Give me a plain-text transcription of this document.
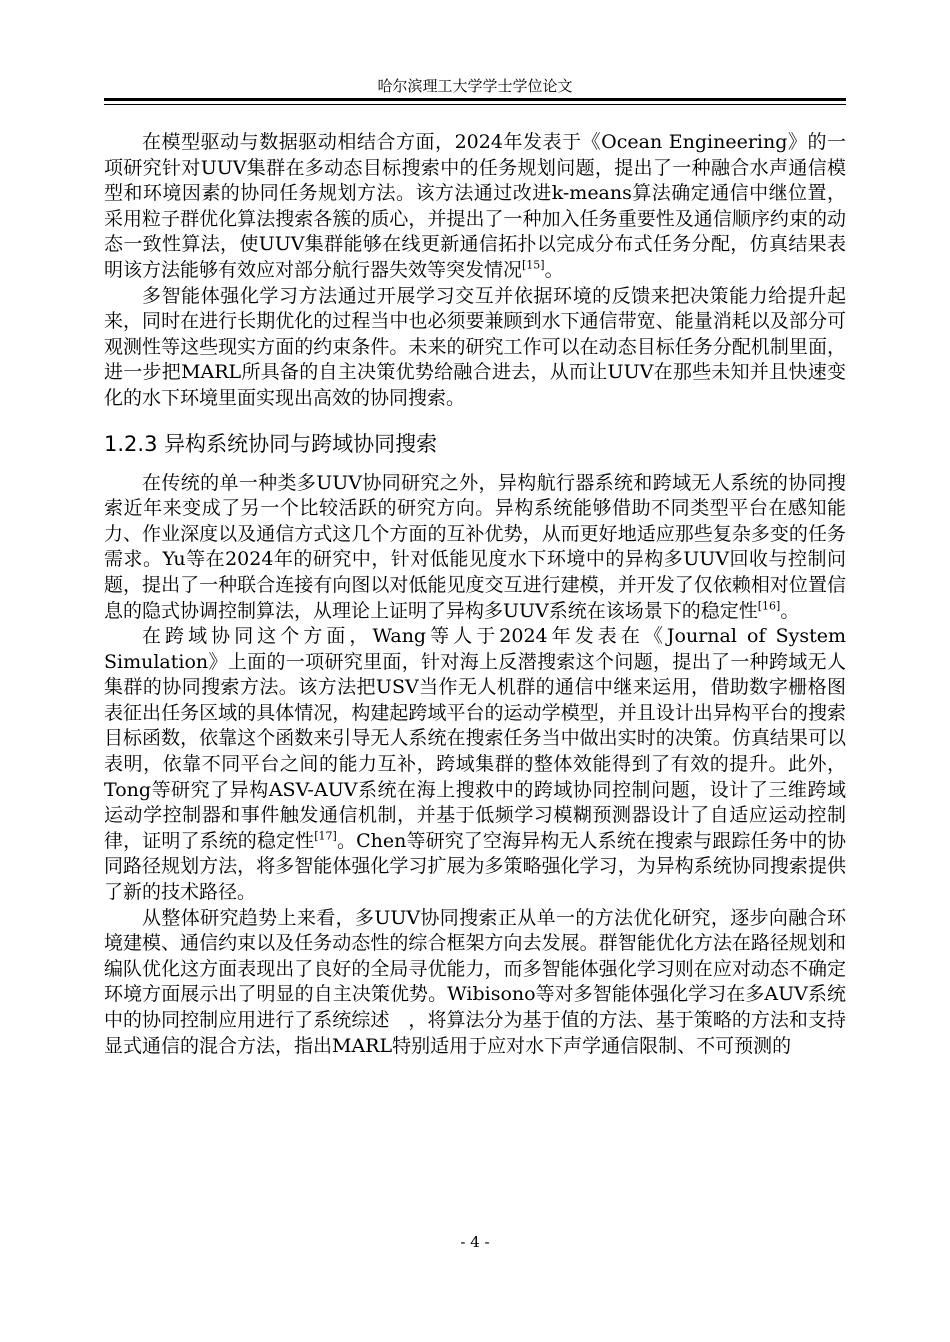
哈尔滨理工大学学士学位论文

在模型驱动与数据驱动相结合方面，2024年发表于《Ocean Engineering》的一项研究针对UUV集群在多动态目标搜索中的任务规划问题，提出了一种融合水声通信模型和环境因素的协同任务规划方法。该方法通过改进k-means算法确定通信中继位置，采用粒子群优化算法搜索各簇的质心，并提出了一种加入任务重要性及通信顺序约束的动态一致性算法，使UUV集群能够在线更新通信拓扑以完成分布式任务分配，仿真结果表明该方法能够有效应对部分航行器失效等突发情况[15]。

多智能体强化学习方法通过开展学习交互并依据环境的反馈来把决策能力给提升起来，同时在进行长期优化的过程当中也必须要兼顾到水下通信带宽、能量消耗以及部分可观测性等这些现实方面的约束条件。未来的研究工作可以在动态目标任务分配机制里面，进一步把MARL所具备的自主决策优势给融合进去，从而让UUV在那些未知并且快速变化的水下环境里面实现出高效的协同搜索。

1.2.3 异构系统协同与跨域协同搜索

在传统的单一种类多UUV协同研究之外，异构航行器系统和跨域无人系统的协同搜索近年来变成了另一个比较活跃的研究方向。异构系统能够借助不同类型平台在感知能力、作业深度以及通信方式这几个方面的互补优势，从而更好地适应那些复杂多变的任务需求。Yu等在2024年的研究中，针对低能见度水下环境中的异构多UUV回收与控制问题，提出了一种联合连接有向图以对低能见度交互进行建模，并开发了仅依赖相对位置信息的隐式协调控制算法，从理论上证明了异构多UUV系统在该场景下的稳定性[16]。

在跨域协同这个方面，Wang等人于2024年发表在《Journal of System Simulation》上面的一项研究里面，针对海上反潜搜索这个问题，提出了一种跨域无人集群的协同搜索方法。该方法把USV当作无人机群的通信中继来运用，借助数字栅格图表征出任务区域的具体情况，构建起跨域平台的运动学模型，并且设计出异构平台的搜索目标函数，依靠这个函数来引导无人系统在搜索任务当中做出实时的决策。仿真结果可以表明，依靠不同平台之间的能力互补，跨域集群的整体效能得到了有效的提升。此外，Tong等研究了异构ASV-AUV系统在海上搜救中的跨域协同控制问题，设计了三维跨域运动学控制器和事件触发通信机制，并基于低频学习模糊预测器设计了自适应运动控制律，证明了系统的稳定性[17]。Chen等研究了空海异构无人系统在搜索与跟踪任务中的协同路径规划方法，将多智能体强化学习扩展为多策略强化学习，为异构系统协同搜索提供了新的技术路径。

从整体研究趋势上来看，多UUV协同搜索正从单一的方法优化研究，逐步向融合环境建模、通信约束以及任务动态性的综合框架方向去发展。群智能优化方法在路径规划和编队优化这方面表现出了良好的全局寻优能力，而多智能体强化学习则在应对动态不确定环境方面展示出了明显的自主决策优势。Wibisono等对多智能体强化学习在多AUV系统中的协同控制应用进行了系统综述　，将算法分为基于值的方法、基于策略的方法和支持显式通信的混合方法，指出MARL特别适用于应对水下声学通信限制、不可预测的

- 4 -
